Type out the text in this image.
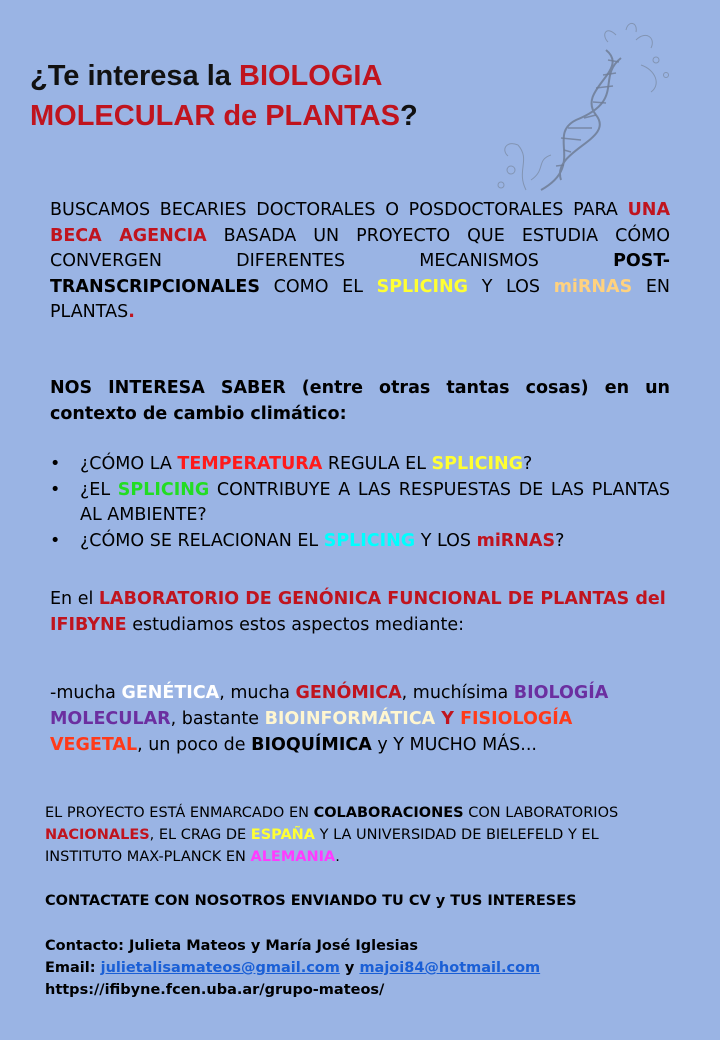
¿Te interesa la BIOLOGIA
MOLECULAR de PLANTAS?
BUSCAMOS BECARIES DOCTORALES O POSDOCTORALES PARA UNA BECA AGENCIA BASADA UN PROYECTO QUE ESTUDIA CÓMO CONVERGEN DIFERENTES MECANISMOS POST-TRANSCRIPCIONALES COMO EL SPLICING Y LOS miRNAS EN PLANTAS.
NOS INTERESA SABER (entre otras tantas cosas) en un contexto de cambio climático:
• ¿CÓMO LA TEMPERATURA REGULA EL SPLICING?
• ¿EL SPLICING CONTRIBUYE A LAS RESPUESTAS DE LAS PLANTAS AL AMBIENTE?
• ¿CÓMO SE RELACIONAN EL SPLICING Y LOS miRNAS?
En el LABORATORIO DE GENÓNICA FUNCIONAL DE PLANTAS del IFIBYNE estudiamos estos aspectos mediante:
-mucha GENÉTICA, mucha GENÓMICA, muchísima BIOLOGÍA MOLECULAR, bastante BIOINFORMÁTICA Y FISIOLOGÍA VEGETAL, un poco de BIOQUÍMICA y Y MUCHO MÁS...
EL PROYECTO ESTÁ ENMARCADO EN COLABORACIONES CON LABORATORIOS NACIONALES, EL CRAG DE ESPAÑA Y LA UNIVERSIDAD DE BIELEFELD Y EL INSTITUTO MAX-PLANCK EN ALEMANIA.
CONTACTATE CON NOSOTROS ENVIANDO TU CV y TUS INTERESES
Contacto: Julieta Mateos y María José Iglesias
Email: julietalisamateos@gmail.com y majoi84@hotmail.com
https://ifibyne.fcen.uba.ar/grupo-mateos/
